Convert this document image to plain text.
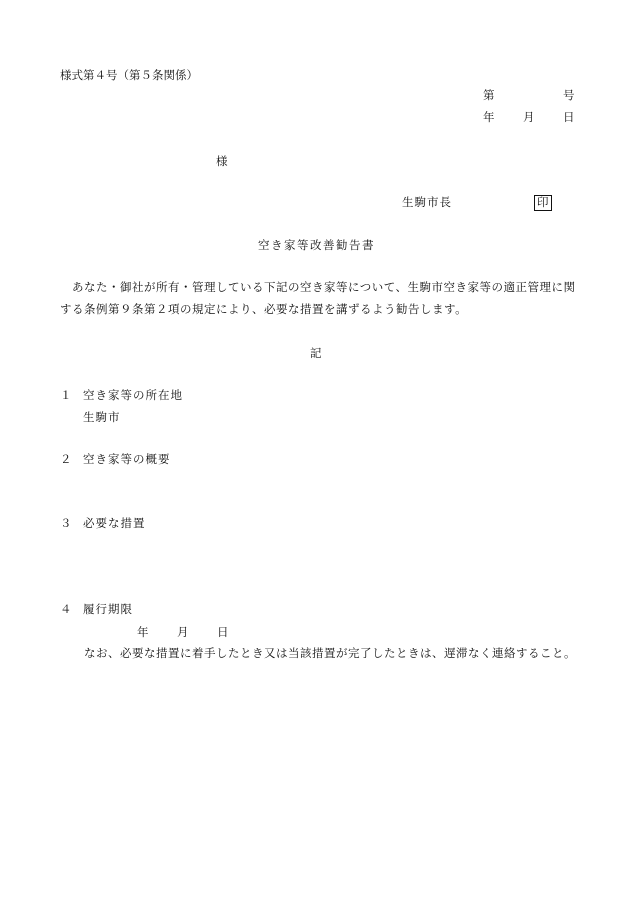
様式第４号（第５条関係）
第	号
年 月 日
様
生駒市長	印
空き家等改善勧告書
あなた・御社が所有・管理している下記の空き家等について、生駒市空き家等の適正管理に関する条例第９条第２項の規定により、必要な措置を講ずるよう勧告します。
記
１ 空き家等の所在地
生駒市
２ 空き家等の概要
３ 必要な措置
４ 履行期限
年 月 日
なお、必要な措置に着手したとき又は当該措置が完了したときは、遅滞なく連絡すること。
